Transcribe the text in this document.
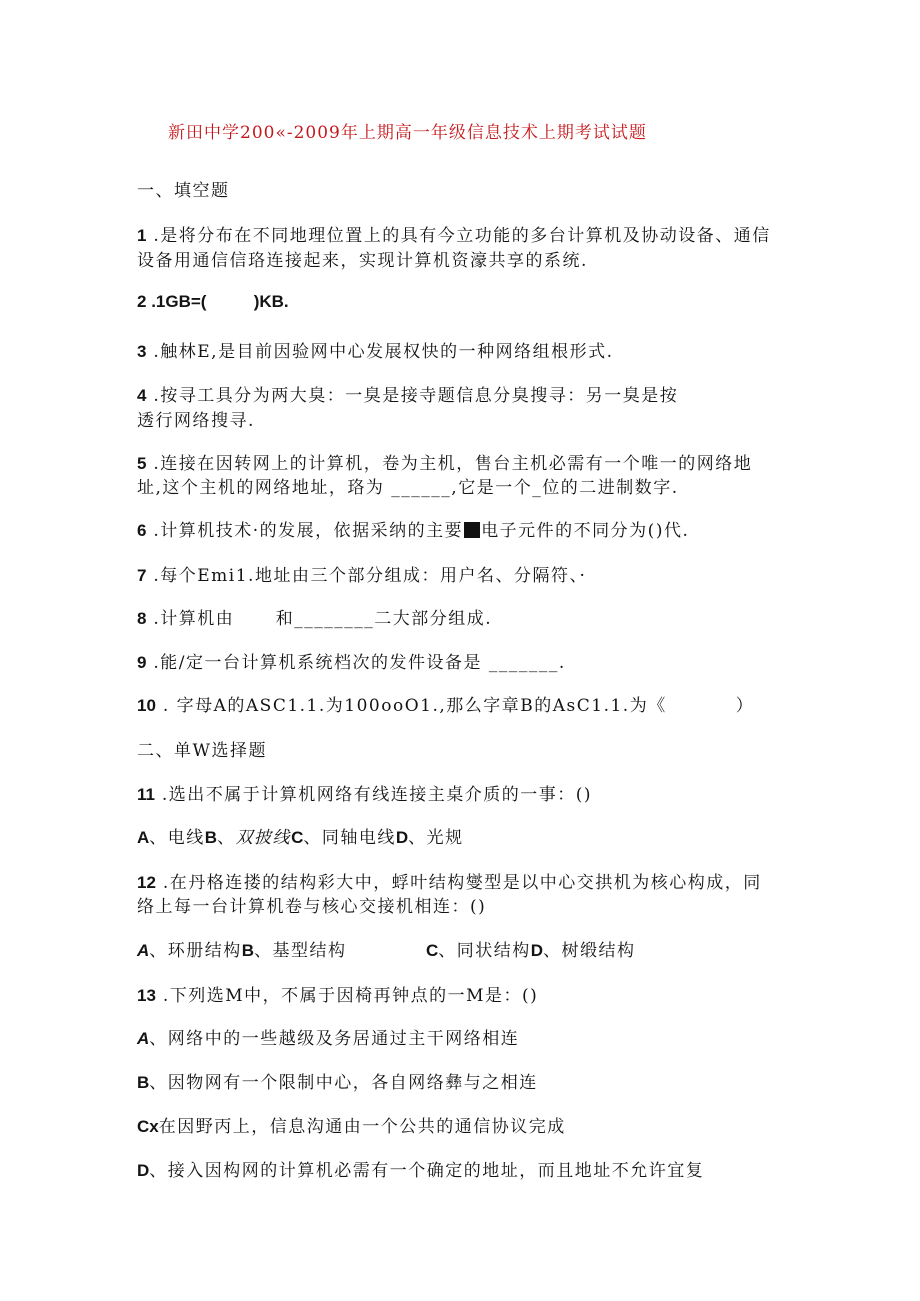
新田中学200«-2009年上期高一年级信息技术上期考试试题
一、填空题
1 .是将分布在不同地理位置上的具有今立功能的多台计算机及协动设备、通信
设备用通信信珞连接起来，实现计算机资濠共享的系统.
2 .1GB=(          )KB.
3 .触林E,是目前因验网中心发展权快的一种网络组根形式.
4 .按寻工具分为两大臭：一臭是接寺题信息分臭搜寻：另一臭是按
透行网络搜寻.
5 .连接在因转网上的计算机，卷为主机，售台主机必需有一个唯一的网络地
址,这个主机的网络地址，珞为 ______,它是一个_位的二进制数字.
6 .计算机技术·的发展，依据采纳的主要 电子元件的不同分为()代.
7 .每个Emi1.地址由三个部分组成：用户名、分隔符、·
8 .计算机由      和________二大部分组成.
9 .能/定一台计算机系统档次的发件设备是 _______.
10 . 字母A的ASC1.1.为100ooO1.,那么字章B的AsC1.1.为《          ）
二、单W选择题
11 .选出不属于计算机网络有线连接主桌介质的一事：()
A、电线B、双披线C、同轴电线D、光规
12 .在丹格连搂的结构彩大中，蜉叶结构燮型是以中心交拱机为核心构成，同
络上每一台计算机卷与核心交接机相连：()
A、环册结构B、基型结构	C、同状结构D、树缎结构
13 .下列选M中，不属于因椅再钟点的一M是：()
A、网络中的一些越级及务居通过主干网络相连
B、因物网有一个限制中心，各自网络彝与之相连
Cx在因野丙上，信息沟通由一个公共的通信协议完成
D、接入因构网的计算机必需有一个确定的地址，而且地址不允许宜复
